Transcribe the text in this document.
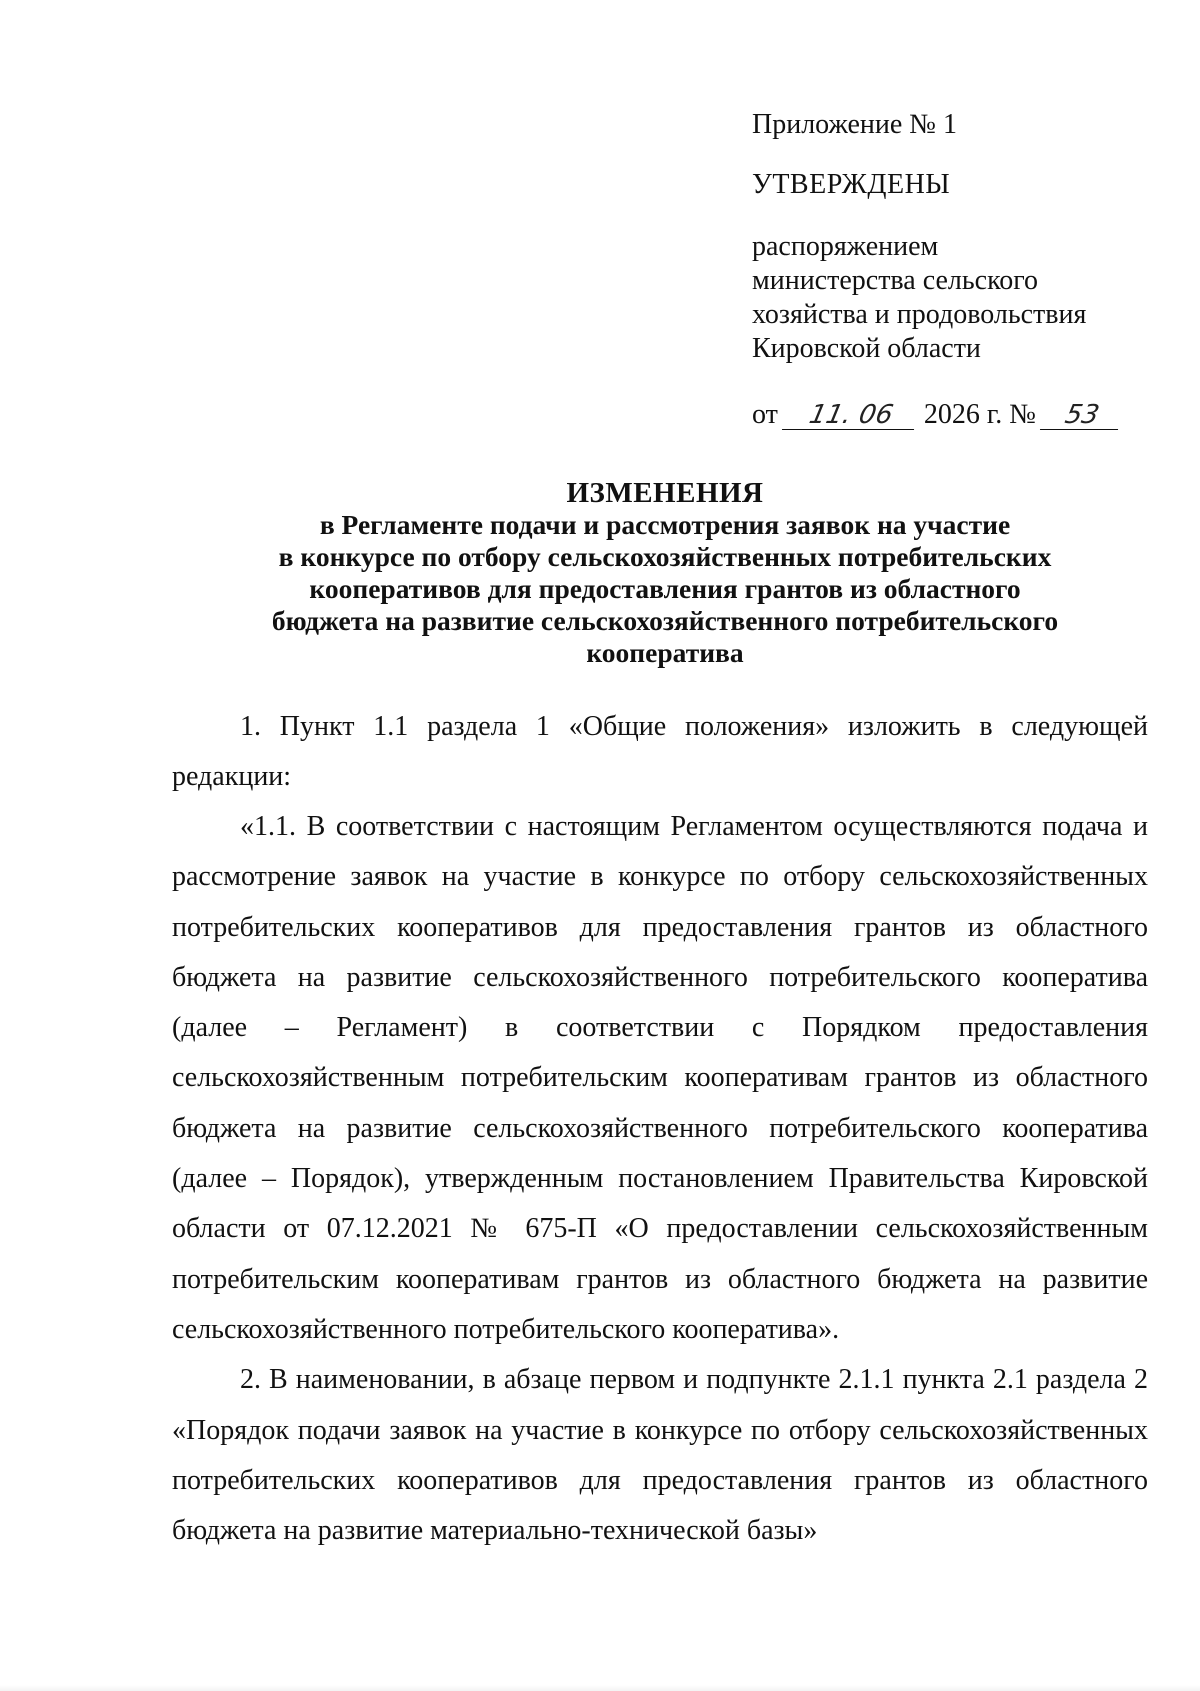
Приложение № 1

УТВЕРЖДЕНЫ

распоряжением
министерства сельского
хозяйства и продовольствия
Кировской области
от 11. 06 2026 г. № 53
ИЗМЕНЕНИЯ
в Регламенте подачи и рассмотрения заявок на участие
в конкурсе по отбору сельскохозяйственных потребительских
кооперативов для предоставления грантов из областного
бюджета на развитие сельскохозяйственного потребительского
кооператива

1. Пункт 1.1 раздела 1 «Общие положения» изложить в следующей редакции:

«1.1. В соответствии с настоящим Регламентом осуществляются подача и рассмотрение заявок на участие в конкурсе по отбору сельскохозяйственных потребительских кооперативов для предоставления грантов из областного бюджета на развитие сельскохозяйственного потребительского кооператива (далее – Регламент) в соответствии с Порядком предоставления сельскохозяйственным потребительским кооперативам грантов из областного бюджета на развитие сельскохозяйственного потребительского кооператива (далее – Порядок), утвержденным постановлением Правительства Кировской области от 07.12.2021 № 675-П «О предоставлении сельскохозяйственным потребительским кооперативам грантов из областного бюджета на развитие сельскохозяйственного потребительского кооператива».

2. В наименовании, в абзаце первом и подпункте 2.1.1 пункта 2.1 раздела 2 «Порядок подачи заявок на участие в конкурсе по отбору сельскохозяйственных потребительских кооперативов для предоставления грантов из областного бюджета на развитие материально-технической базы»
